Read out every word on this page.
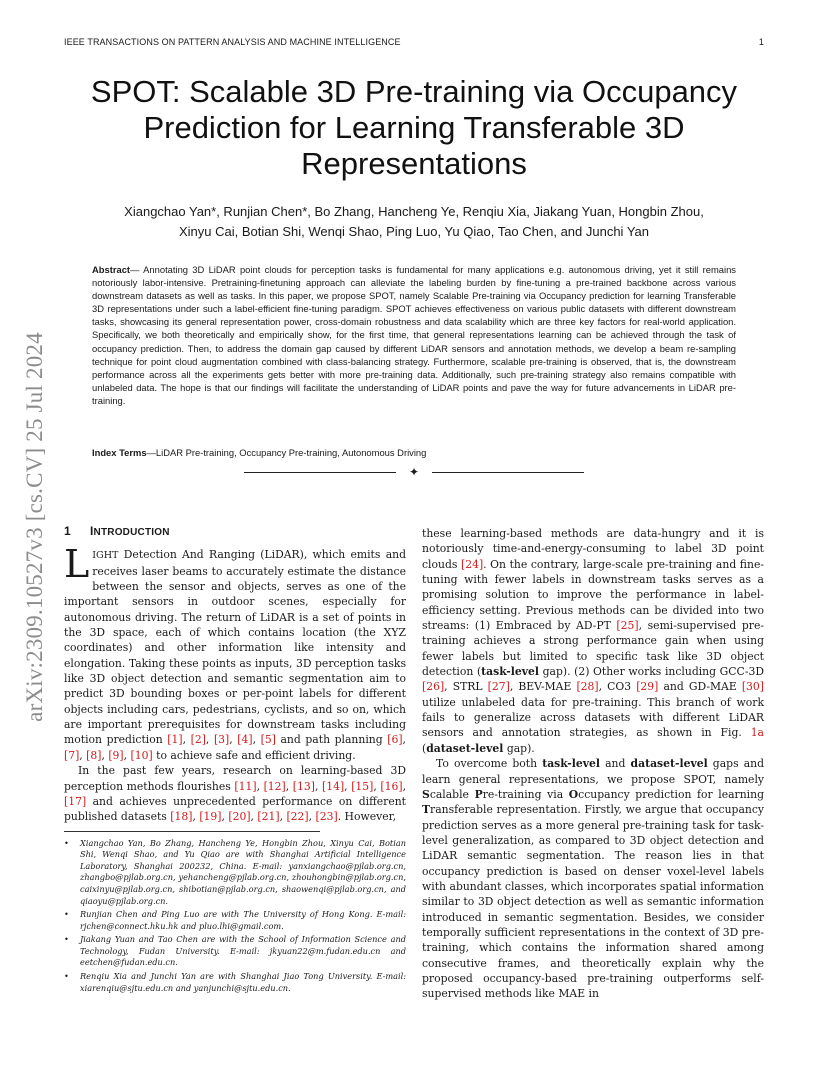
IEEE TRANSACTIONS ON PATTERN ANALYSIS AND MACHINE INTELLIGENCE	1
arXiv:2309.10527v3 [cs.CV] 25 Jul 2024
SPOT: Scalable 3D Pre-training via Occupancy Prediction for Learning Transferable 3D Representations
Xiangchao Yan*, Runjian Chen*, Bo Zhang, Hancheng Ye, Renqiu Xia, Jiakang Yuan, Hongbin Zhou,
Xinyu Cai, Botian Shi, Wenqi Shao, Ping Luo, Yu Qiao, Tao Chen, and Junchi Yan
Abstract— Annotating 3D LiDAR point clouds for perception tasks is fundamental for many applications e.g. autonomous driving, yet it still remains notoriously labor-intensive. Pretraining-finetuning approach can alleviate the labeling burden by fine-tuning a pre-trained backbone across various downstream datasets as well as tasks. In this paper, we propose SPOT, namely Scalable Pre-training via Occupancy prediction for learning Transferable 3D representations under such a label-efficient fine-tuning paradigm. SPOT achieves effectiveness on various public datasets with different downstream tasks, showcasing its general representation power, cross-domain robustness and data scalability which are three key factors for real-world application. Specifically, we both theoretically and empirically show, for the first time, that general representations learning can be achieved through the task of occupancy prediction. Then, to address the domain gap caused by different LiDAR sensors and annotation methods, we develop a beam re-sampling technique for point cloud augmentation combined with class-balancing strategy. Furthermore, scalable pre-training is observed, that is, the downstream performance across all the experiments gets better with more pre-training data. Additionally, such pre-training strategy also remains compatible with unlabeled data. The hope is that our findings will facilitate the understanding of LiDAR points and pave the way for future advancements in LiDAR pre-training.
Index Terms—LiDAR Pre-training, Occupancy Pre-training, Autonomous Driving
✦
1 INTRODUCTION

LIGHT Detection And Ranging (LiDAR), which emits and receives laser beams to accurately estimate the distance between the sensor and objects, serves as one of the important sensors in outdoor scenes, especially for autonomous driving. The return of LiDAR is a set of points in the 3D space, each of which contains location (the XYZ coordinates) and other information like intensity and elongation. Taking these points as inputs, 3D perception tasks like 3D object detection and semantic segmentation aim to predict 3D bounding boxes or per-point labels for different objects including cars, pedestrians, cyclists, and so on, which are important prerequisites for downstream tasks including motion prediction [1], [2], [3], [4], [5] and path planning [6], [7], [8], [9], [10] to achieve safe and efficient driving.

In the past few years, research on learning-based 3D perception methods flourishes [11], [12], [13], [14], [15], [16], [17] and achieves unprecedented performance on different published datasets [18], [19], [20], [21], [22], [23]. However,

• Xiangchao Yan, Bo Zhang, Hancheng Ye, Hongbin Zhou, Xinyu Cai, Botian Shi, Wenqi Shao, and Yu Qiao are with Shanghai Artificial Intelligence Laboratory, Shanghai 200232, China. E-mail: yanxiangchao@pjlab.org.cn, zhangbo@pjlab.org.cn, yehancheng@pjlab.org.cn, zhouhongbin@pjlab.org.cn, caixinyu@pjlab.org.cn, shibotian@pjlab.org.cn, shaowenqi@pjlab.org.cn, and qiaoyu@pjlab.org.cn.
• Runjian Chen and Ping Luo are with The University of Hong Kong. E-mail: rjchen@connect.hku.hk and pluo.lhi@gmail.com.
• Jiakang Yuan and Tao Chen are with the School of Information Science and Technology, Fudan University. E-mail: jkyuan22@m.fudan.edu.cn and eetchen@fudan.edu.cn.
• Renqiu Xia and Junchi Yan are with Shanghai Jiao Tong University. E-mail: xiarenqiu@sjtu.edu.cn and yanjunchi@sjtu.edu.cn.

these learning-based methods are data-hungry and it is notoriously time-and-energy-consuming to label 3D point clouds [24]. On the contrary, large-scale pre-training and fine-tuning with fewer labels in downstream tasks serves as a promising solution to improve the performance in label-efficiency setting. Previous methods can be divided into two streams: (1) Embraced by AD-PT [25], semi-supervised pre-training achieves a strong performance gain when using fewer labels but limited to specific task like 3D object detection (task-level gap). (2) Other works including GCC-3D [26], STRL [27], BEV-MAE [28], CO3 [29] and GD-MAE [30] utilize unlabeled data for pre-training. This branch of work fails to generalize across datasets with different LiDAR sensors and annotation strategies, as shown in Fig. 1a (dataset-level gap).

To overcome both task-level and dataset-level gaps and learn general representations, we propose SPOT, namely Scalable Pre-training via Occupancy prediction for learning Transferable representation. Firstly, we argue that occupancy prediction serves as a more general pre-training task for task-level generalization, as compared to 3D object detection and LiDAR semantic segmentation. The reason lies in that occupancy prediction is based on denser voxel-level labels with abundant classes, which incorporates spatial information similar to 3D object detection as well as semantic information introduced in semantic segmentation. Besides, we consider temporally sufficient representations in the context of 3D pre-training, which contains the information shared among consecutive frames, and theoretically explain why the proposed occupancy-based pre-training outperforms self-supervised methods like MAE in
